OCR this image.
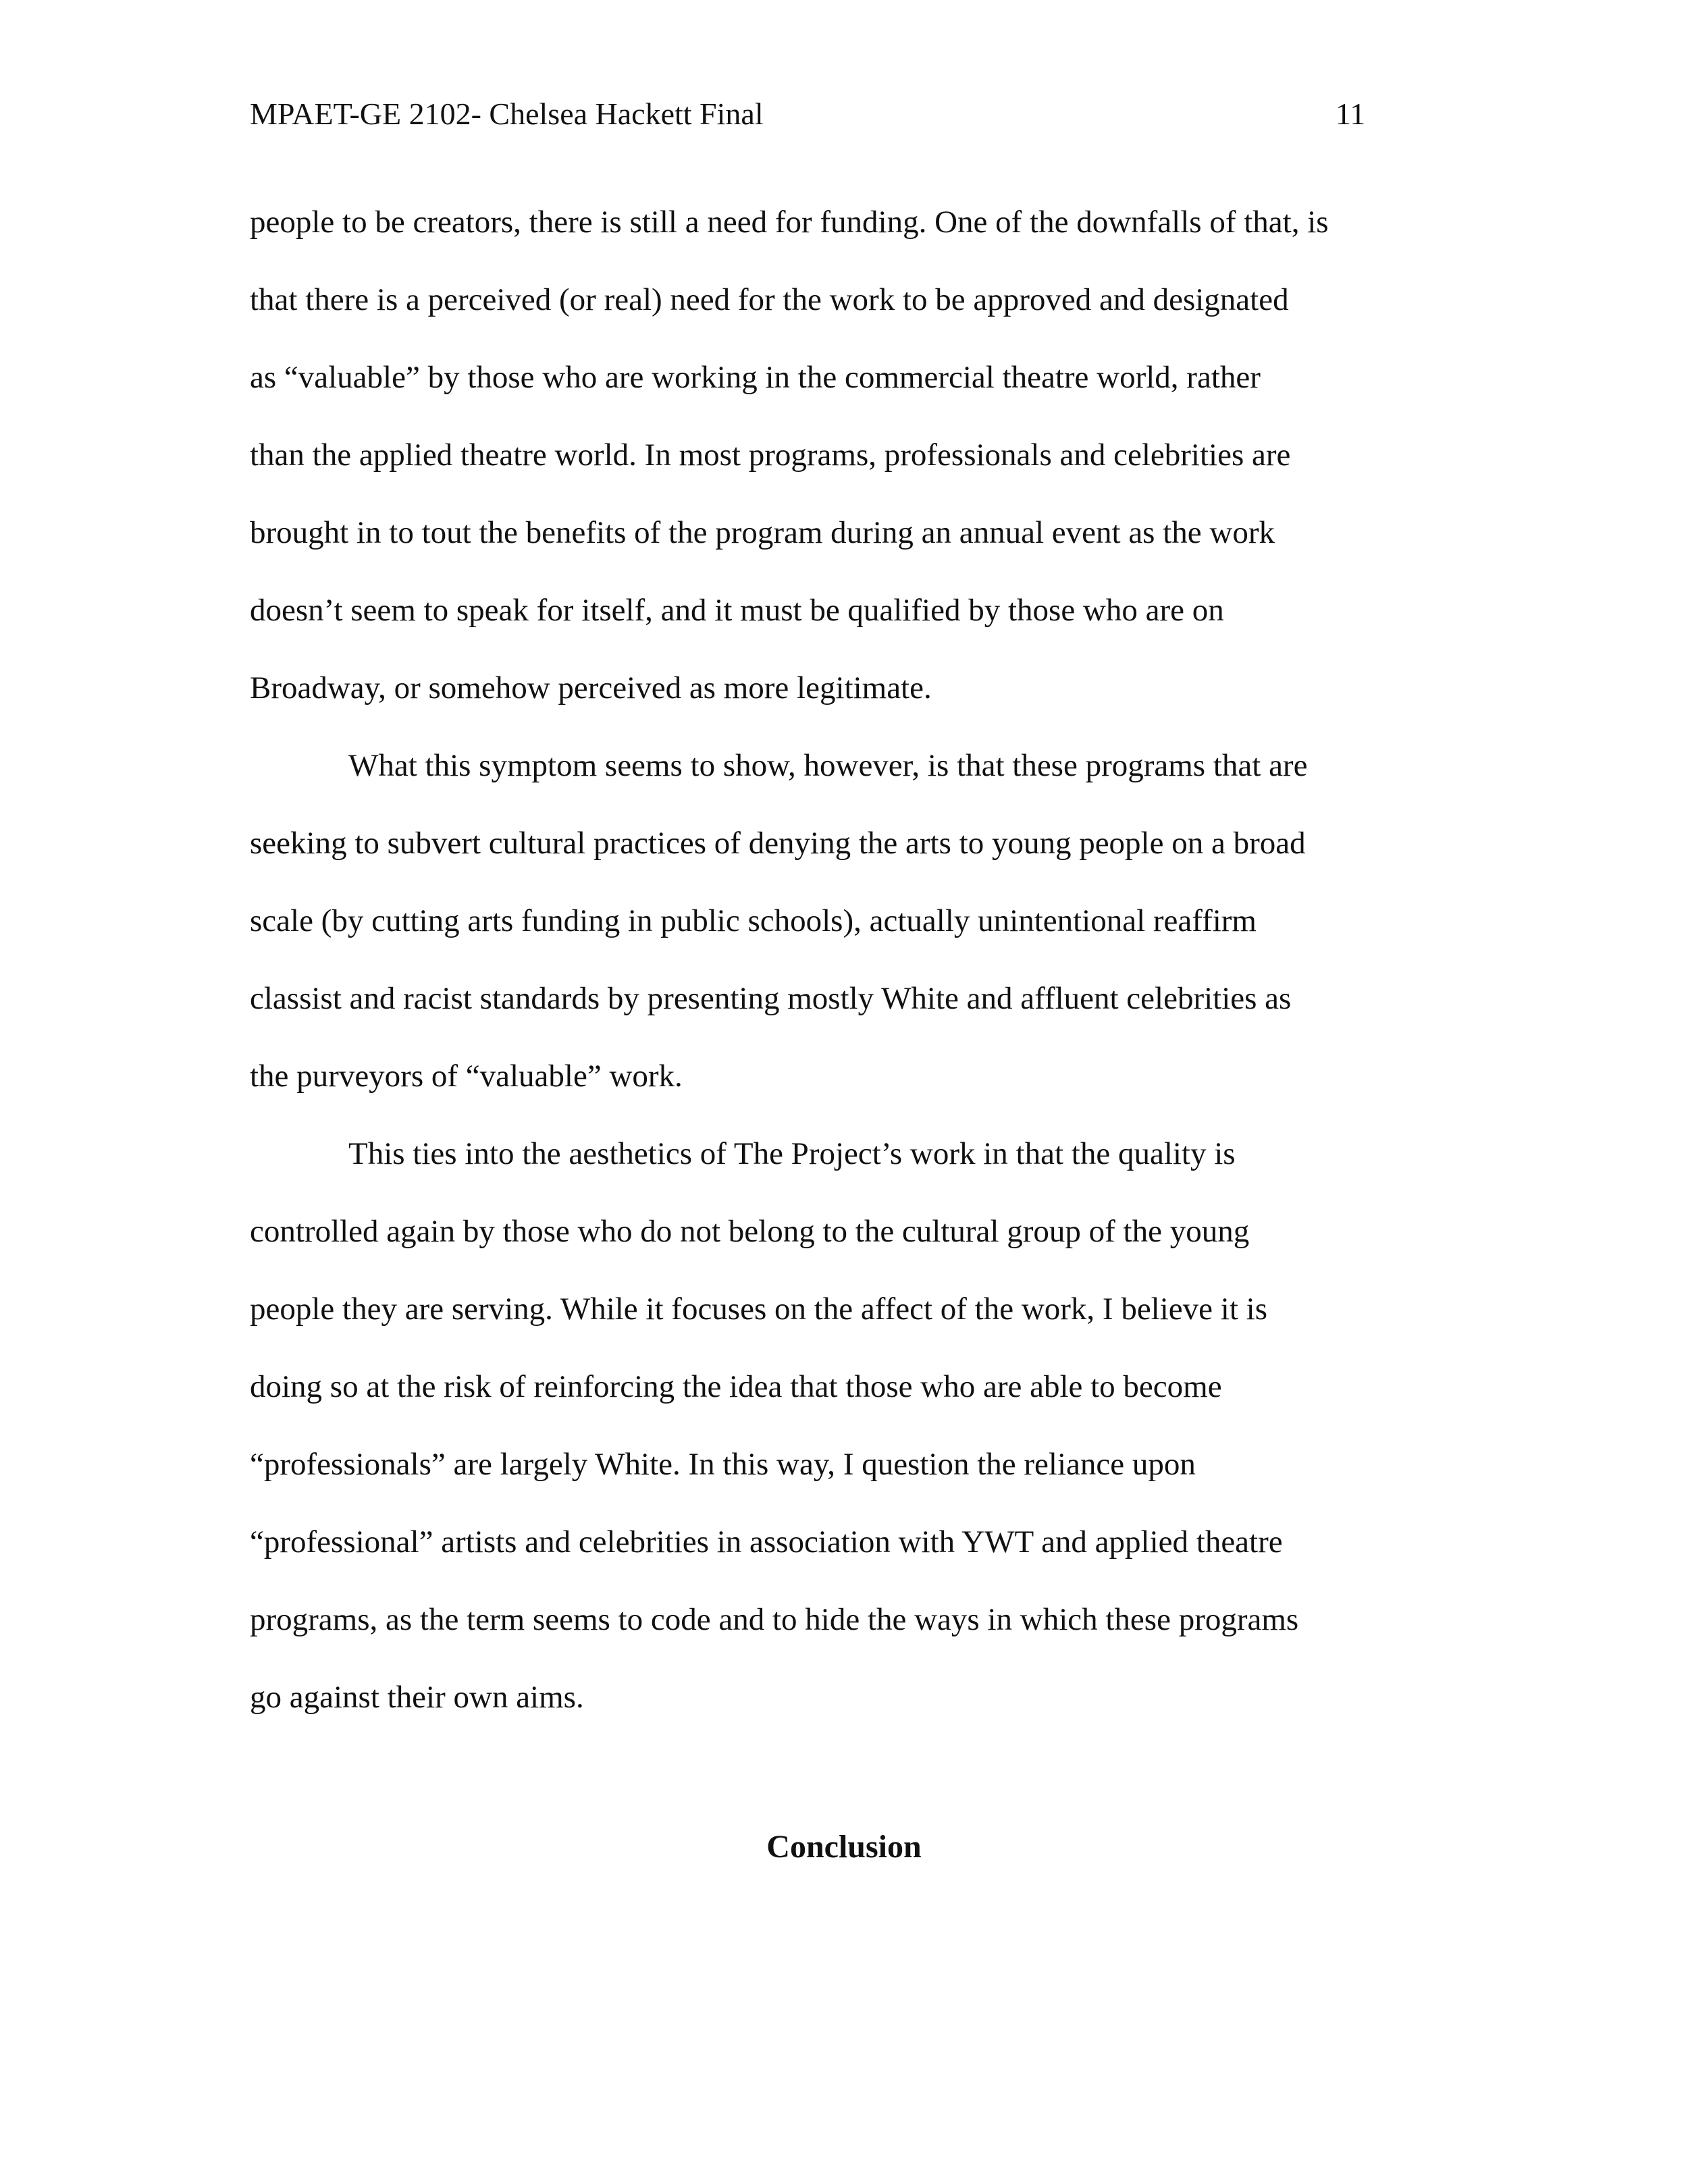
MPAET-GE 2102- Chelsea Hackett Final	11
people to be creators, there is still a need for funding. One of the downfalls of that, is
that there is a perceived (or real) need for the work to be approved and designated
as “valuable” by those who are working in the commercial theatre world, rather
than the applied theatre world. In most programs, professionals and celebrities are
brought in to tout the benefits of the program during an annual event as the work
doesn’t seem to speak for itself, and it must be qualified by those who are on
Broadway, or somehow perceived as more legitimate.
What this symptom seems to show, however, is that these programs that are
seeking to subvert cultural practices of denying the arts to young people on a broad
scale (by cutting arts funding in public schools), actually unintentional reaffirm
classist and racist standards by presenting mostly White and affluent celebrities as
the purveyors of “valuable” work.
This ties into the aesthetics of The Project’s work in that the quality is
controlled again by those who do not belong to the cultural group of the young
people they are serving. While it focuses on the affect of the work, I believe it is
doing so at the risk of reinforcing the idea that those who are able to become
“professionals” are largely White. In this way, I question the reliance upon
“professional” artists and celebrities in association with YWT and applied theatre
programs, as the term seems to code and to hide the ways in which these programs
go against their own aims.
Conclusion
